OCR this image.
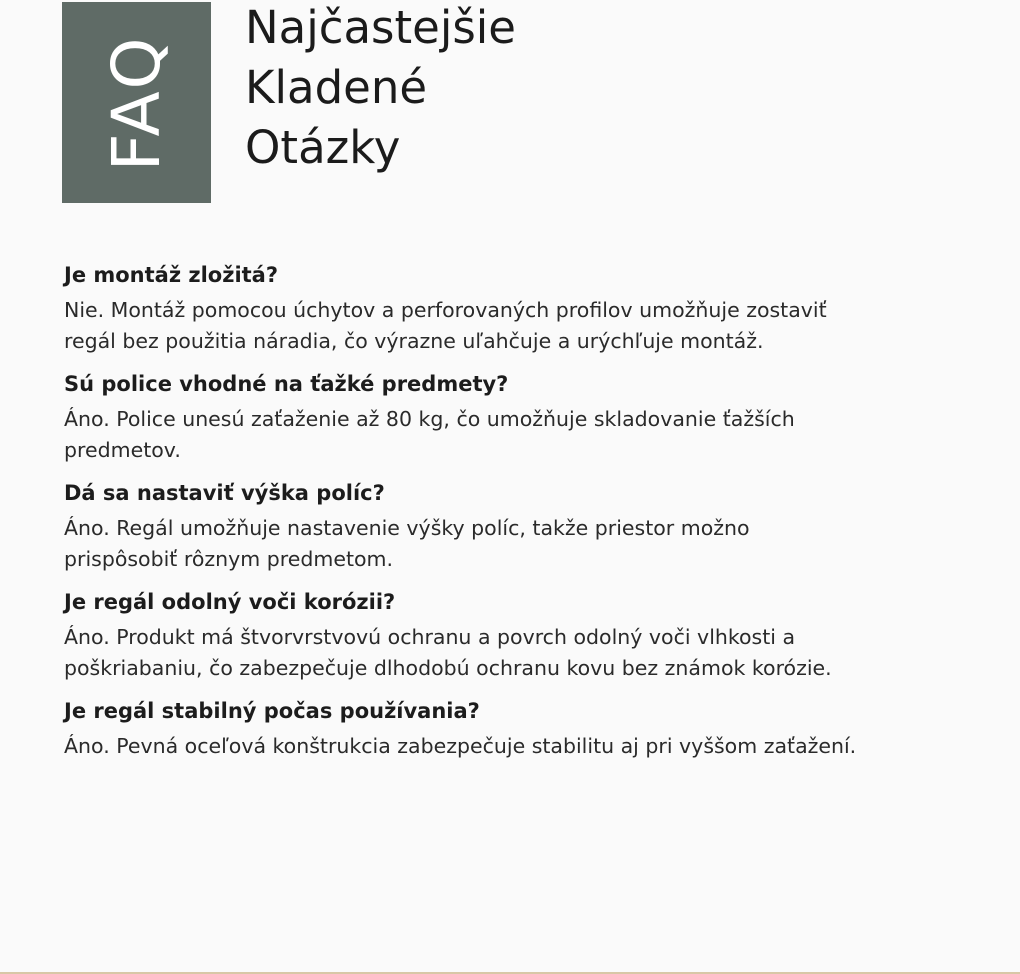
FAQ
Najčastejšie
Kladené
Otázky
Je montáž zložitá?

Nie. Montáž pomocou úchytov a perforovaných profilov umožňuje zostaviť
regál bez použitia náradia, čo výrazne uľahčuje a urýchľuje montáž.

Sú police vhodné na ťažké predmety?

Áno. Police unesú zaťaženie až 80 kg, čo umožňuje skladovanie ťažších
predmetov.

Dá sa nastaviť výška políc?

Áno. Regál umožňuje nastavenie výšky políc, takže priestor možno
prispôsobiť rôznym predmetom.

Je regál odolný voči korózii?

Áno. Produkt má štvorvrstvovú ochranu a povrch odolný voči vlhkosti a
poškriabaniu, čo zabezpečuje dlhodobú ochranu kovu bez známok korózie.

Je regál stabilný počas používania?

Áno. Pevná oceľová konštrukcia zabezpečuje stabilitu aj pri vyššom zaťažení.
